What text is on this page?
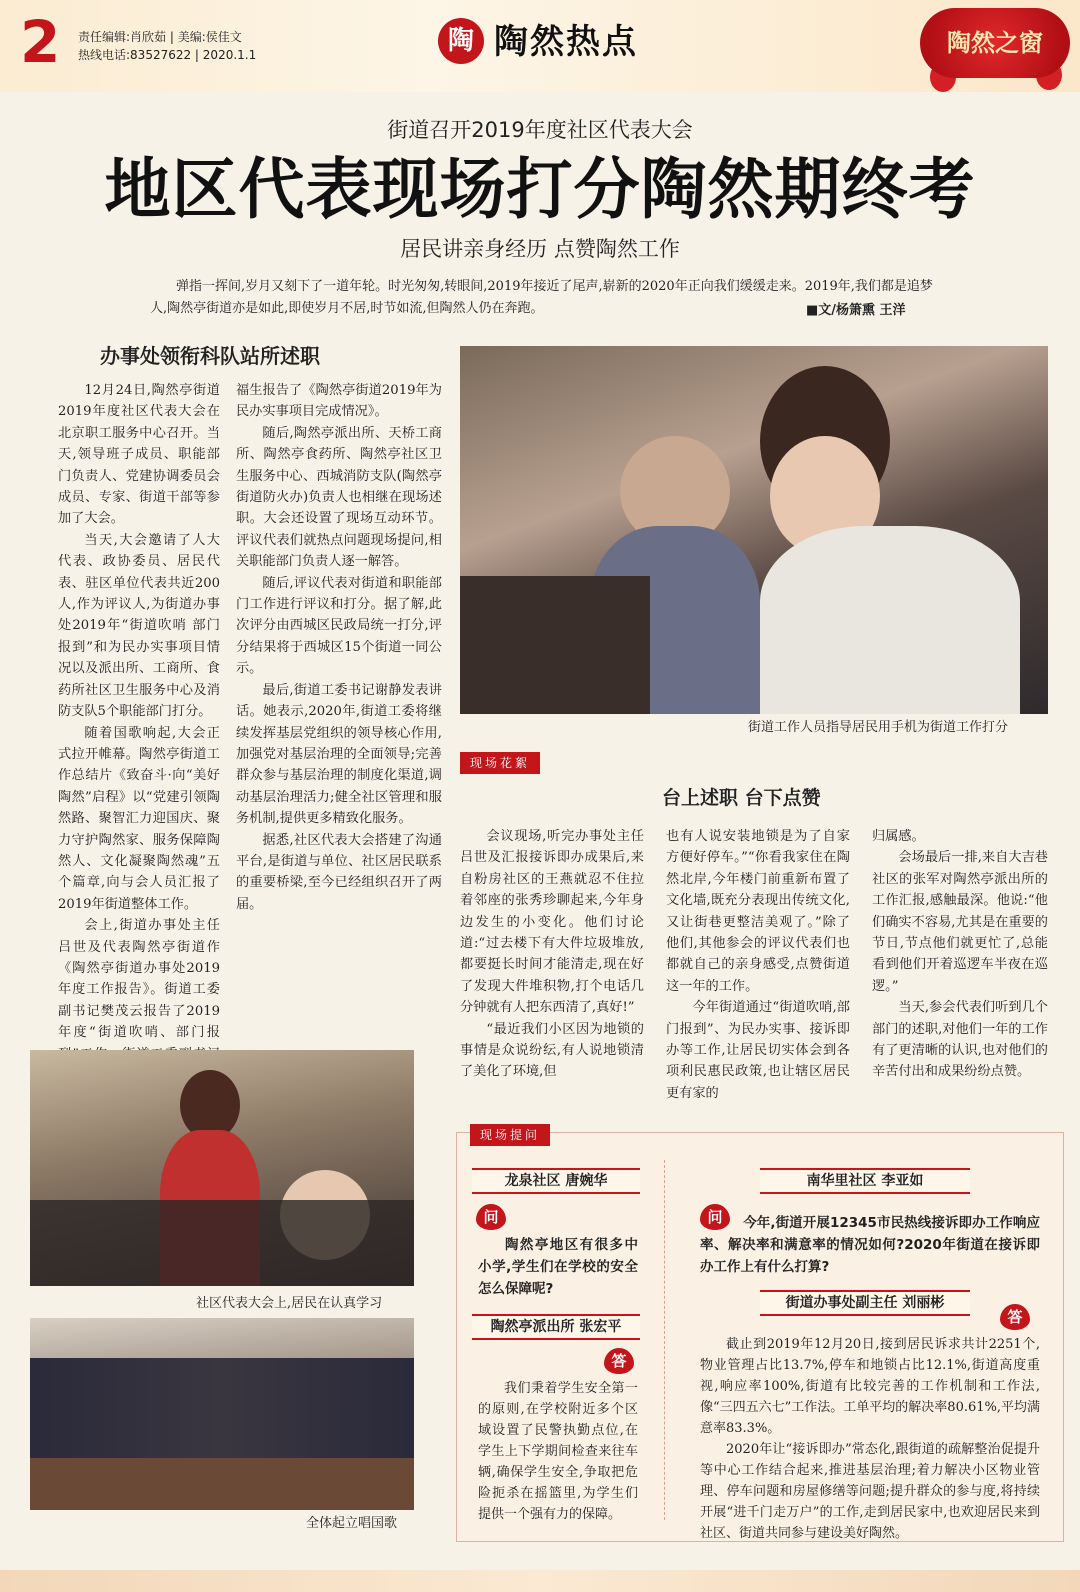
2 责任编辑:肖欣茹 | 美编:侯佳文
热线电话:83527622 | 2020.1.1	陶 陶然热点	陶然之窗
街道召开2019年度社区代表大会
地区代表现场打分陶然期终考
居民讲亲身经历 点赞陶然工作
弹指一挥间,岁月又刻下了一道年轮。时光匆匆,转眼间,2019年接近了尾声,崭新的2020年正向我们缓缓走来。2019年,我们都是追梦人,陶然亭街道亦是如此,即使岁月不居,时节如流,但陶然人仍在奔跑。	■文/杨箫熏 王洋
办事处领衔科队站所述职

12月24日,陶然亭街道2019年度社区代表大会在北京职工服务中心召开。当天,领导班子成员、职能部门负责人、党建协调委员会成员、专家、街道干部等参加了大会。

当天,大会邀请了人大代表、政协委员、居民代表、驻区单位代表共近200人,作为评议人,为街道办事处2019年“街道吹哨 部门报到”和为民办实事项目情况以及派出所、工商所、食药所社区卫生服务中心及消防支队5个职能部门打分。

随着国歌响起,大会正式拉开帷幕。陶然亭街道工作总结片《致奋斗·向“美好陶然”启程》以“党建引领陶然路、聚智汇力迎国庆、聚力守护陶然家、服务保障陶然人、文化凝聚陶然魂”五个篇章,向与会人员汇报了2019年街道整体工作。

会上,街道办事处主任吕世及代表陶然亭街道作《陶然亭街道办事处2019年度工作报告》。街道工委副书记樊茂云报告了2019年度“街道吹哨、部门报

福生报告了《陶然亭街道2019年为民办实事项目完成情况》。

随后,陶然亭派出所、天桥工商所、陶然亭食药所、陶然亭社区卫生服务中心、西城消防支队(陶然亭街道防火办)负责人也相继在现场述职。大会还设置了现场互动环节。评议代表们就热点问题现场提问,相关职能部门负责人逐一解答。

随后,评议代表对街道和职能部门工作进行评议和打分。据了解,此次评分由西城区民政局统一打分,评分结果将于西城区15个街道一同公示。

最后,街道工委书记谢静发表讲话。她表示,2020年,街道工委将继续发挥基层党组织的领导核心作用,加强党对基层治理的全面领导;完善群众参与基层治理的制度化渠道,调动基层治理活力;健全社区管理和服务机制,提供更多精致化服务。

据悉,社区代表大会搭建了沟通平台,是街道与单位、社区居民联系的重要桥梁,至今已经组织召开了两届。

街道工作人员指导居民用手机为街道工作打分
现场花絮
台上述职 台下点赞

会议现场,听完办事处主任吕世及汇报接诉即办成果后,来自粉房社区的王燕就忍不住拉着邻座的张秀珍聊起来,今年身边发生的小变化。他们讨论道:“过去楼下有大件垃圾堆放,都要挺长时间才能清走,现在好了发现大件堆积物,打个电话几分钟就有人把东西清了,真好!”

“最近我们小区因为地锁的事情是众说纷纭,有人说地锁清了美化了环境,但

也有人说安装地锁是为了自家方便好停车。”“你看我家住在陶然北岸,今年楼门前重新布置了文化墙,既充分表现出传统文化,又让街巷更整洁美观了。”除了他们,其他参会的评议代表们也都就自己的亲身感受,点赞街道这一年的工作。

今年街道通过“街道吹哨,部门报到”、为民办实事、接诉即办等工作,让居民切实体会到各项利民惠民政策,也让辖区居民更有家的

归属感。

会场最后一排,来自大吉巷社区的张军对陶然亭派出所的工作汇报,感触最深。他说:“他们确实不容易,尤其是在重要的节日,节点他们就更忙了,总能看到他们开着巡逻车半夜在巡逻。”

当天,参会代表们听到几个部门的述职,对他们一年的工作有了更清晰的认识,也对他们的辛苦付出和成果纷纷点赞。

社区代表大会上,居民在认真学习
全体起立唱国歌
现场提问
龙泉社区 唐婉华
问
陶然亭地区有很多中小学,学生们在学校的安全怎么保障呢?
陶然亭派出所 张宏平
答

我们秉着学生安全第一的原则,在学校附近多个区域设置了民警执勤点位,在学生上下学期间检查来往车辆,确保学生安全,争取把危险扼杀在摇篮里,为学生们提供一个强有力的保障。

南华里社区 李亚如
问	今年,街道开展12345市民热线接诉即办工作响应率、解决率和满意率的情况如何?2020年街道在接诉即办工作上有什么打算?
街道办事处副主任 刘丽彬
答

截止到2019年12月20日,接到居民诉求共计2251个,物业管理占比13.7%,停车和地锁占比12.1%,街道高度重视,响应率100%,街道有比较完善的工作机制和工作法,像“三四五六七”工作法。工单平均的解决率80.61%,平均满意率83.3%。

2020年让“接诉即办”常态化,跟街道的疏解整治促提升等中心工作结合起来,推进基层治理;着力解决小区物业管理、停车问题和房屋修缮等问题;提升群众的参与度,将持续开展“进千门走万户”的工作,走到居民家中,也欢迎居民来到社区、街道共同参与建设美好陶然。
